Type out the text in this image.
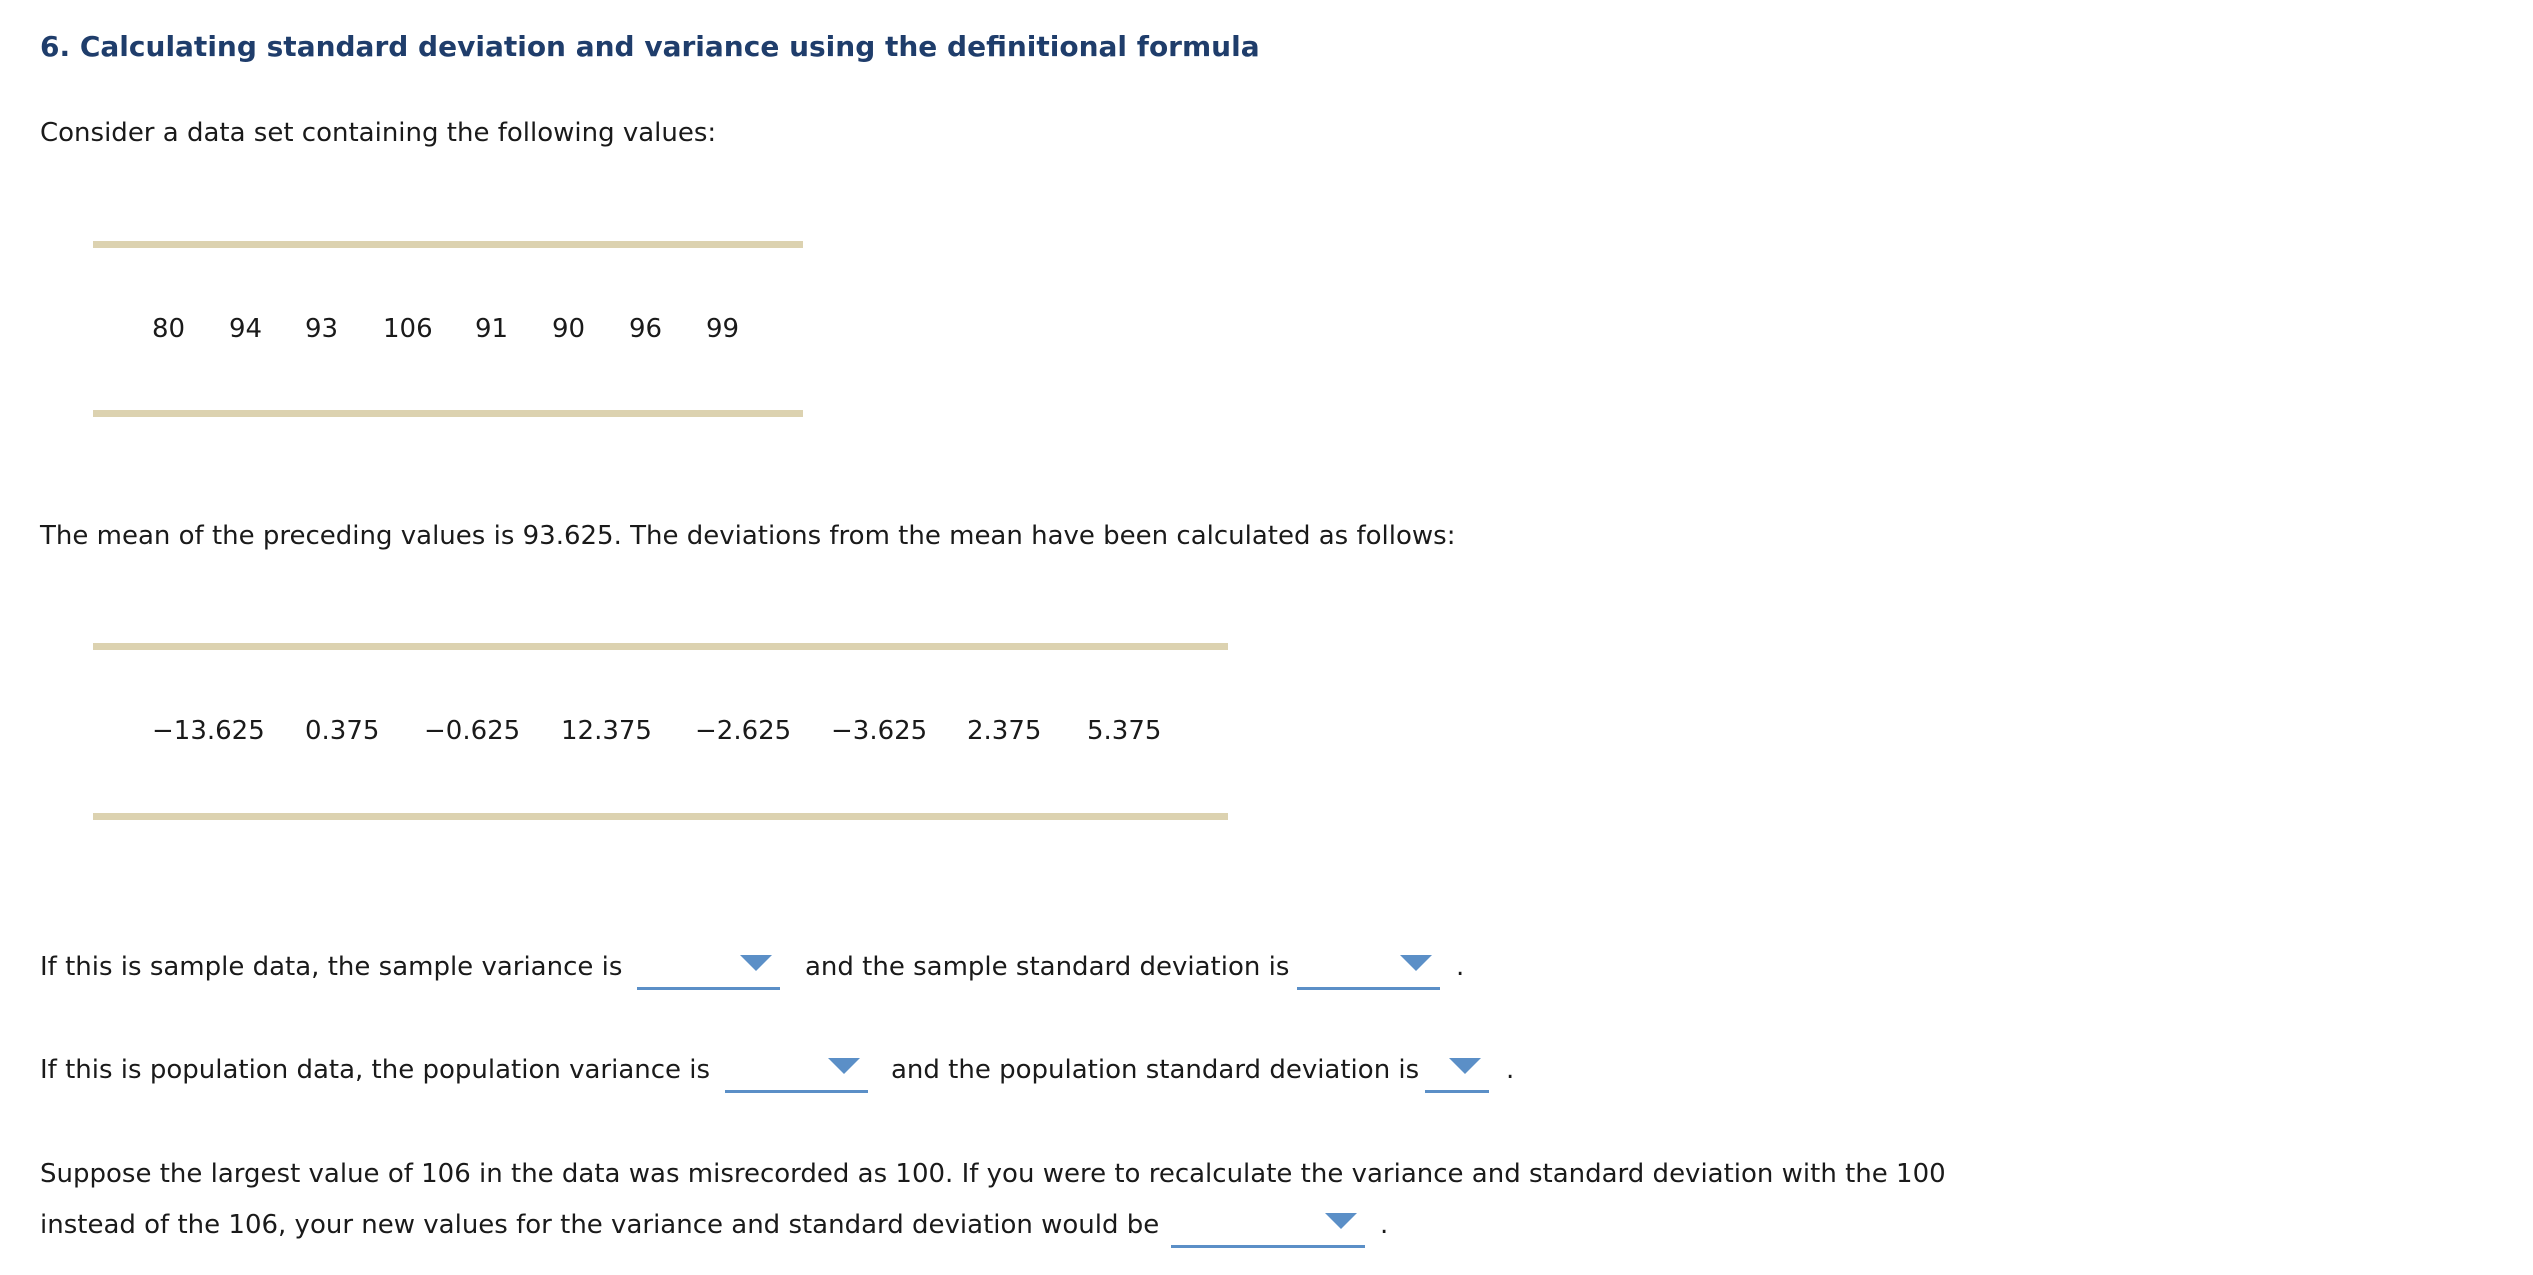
6. Calculating standard deviation and variance using the definitional formula
Consider a data set containing the following values:
80	94	93	106	91	90	96	99
The mean of the preceding values is 93.625. The deviations from the mean have been calculated as follows:
−13.625	0.375	−0.625	12.375	−2.625	−3.625	2.375	5.375
If this is sample data, the sample variance is	and the sample standard deviation is	.
If this is population data, the population variance is	and the population standard deviation is	.
Suppose the largest value of 106 in the data was misrecorded as 100. If you were to recalculate the variance and standard deviation with the 100
instead of the 106, your new values for the variance and standard deviation would be	.
